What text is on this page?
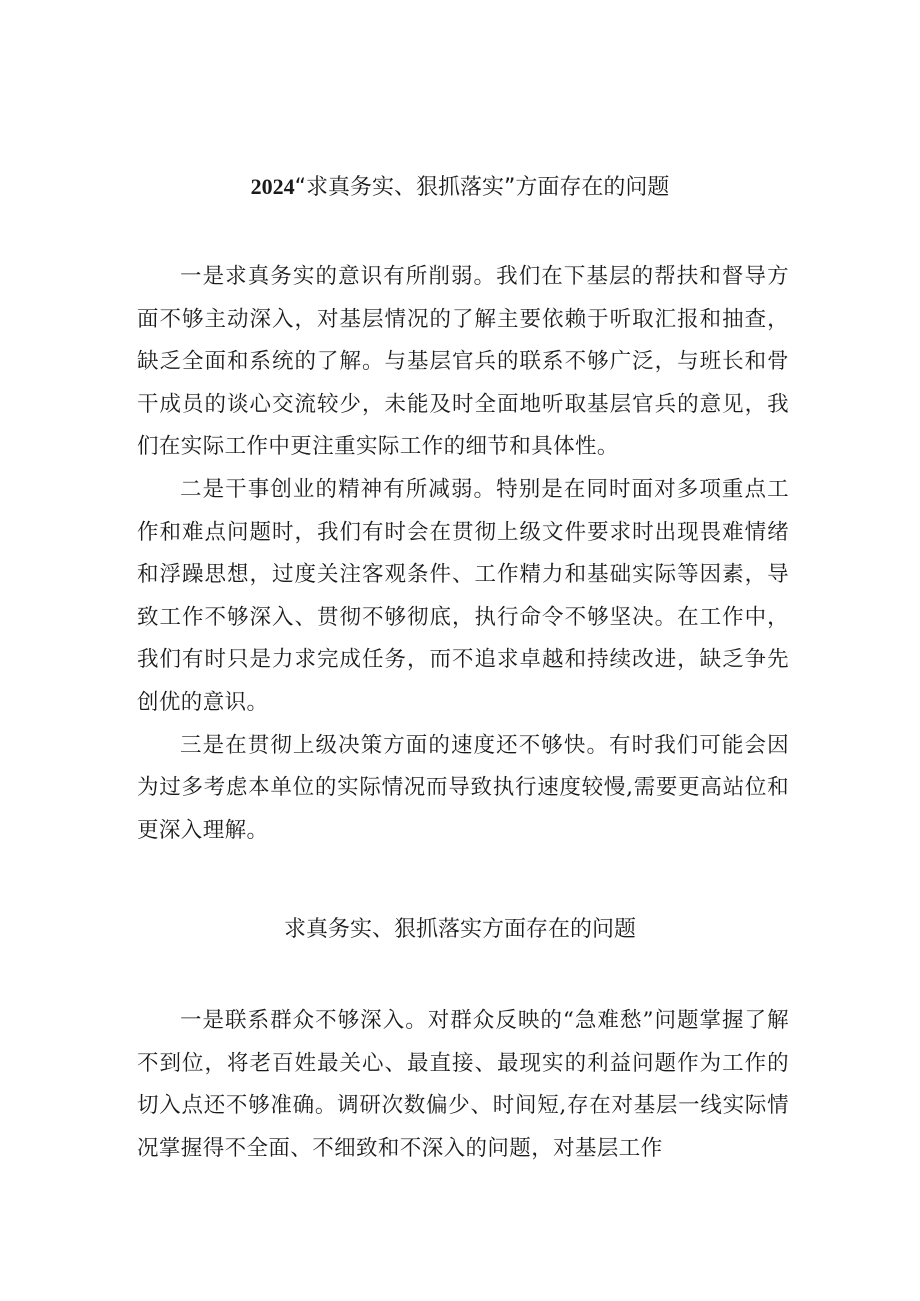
2024“求真务实、狠抓落实”方面存在的问题

一是求真务实的意识有所削弱。我们在下基层的帮扶和督导方面不够主动深入，对基层情况的了解主要依赖于听取汇报和抽查，缺乏全面和系统的了解。与基层官兵的联系不够广泛，与班长和骨干成员的谈心交流较少，未能及时全面地听取基层官兵的意见，我们在实际工作中更注重实际工作的细节和具体性。

二是干事创业的精神有所减弱。特别是在同时面对多项重点工作和难点问题时，我们有时会在贯彻上级文件要求时出现畏难情绪和浮躁思想，过度关注客观条件、工作精力和基础实际等因素，导致工作不够深入、贯彻不够彻底，执行命令不够坚决。在工作中，我们有时只是力求完成任务，而不追求卓越和持续改进，缺乏争先创优的意识。

三是在贯彻上级决策方面的速度还不够快。有时我们可能会因为过多考虑本单位的实际情况而导致执行速度较慢,需要更高站位和更深入理解。

求真务实、狠抓落实方面存在的问题

一是联系群众不够深入。对群众反映的“急难愁”问题掌握了解不到位，将老百姓最关心、最直接、最现实的利益问题作为工作的切入点还不够准确。调研次数偏少、时间短,存在对基层一线实际情况掌握得不全面、不细致和不深入的问题，对基层工作
